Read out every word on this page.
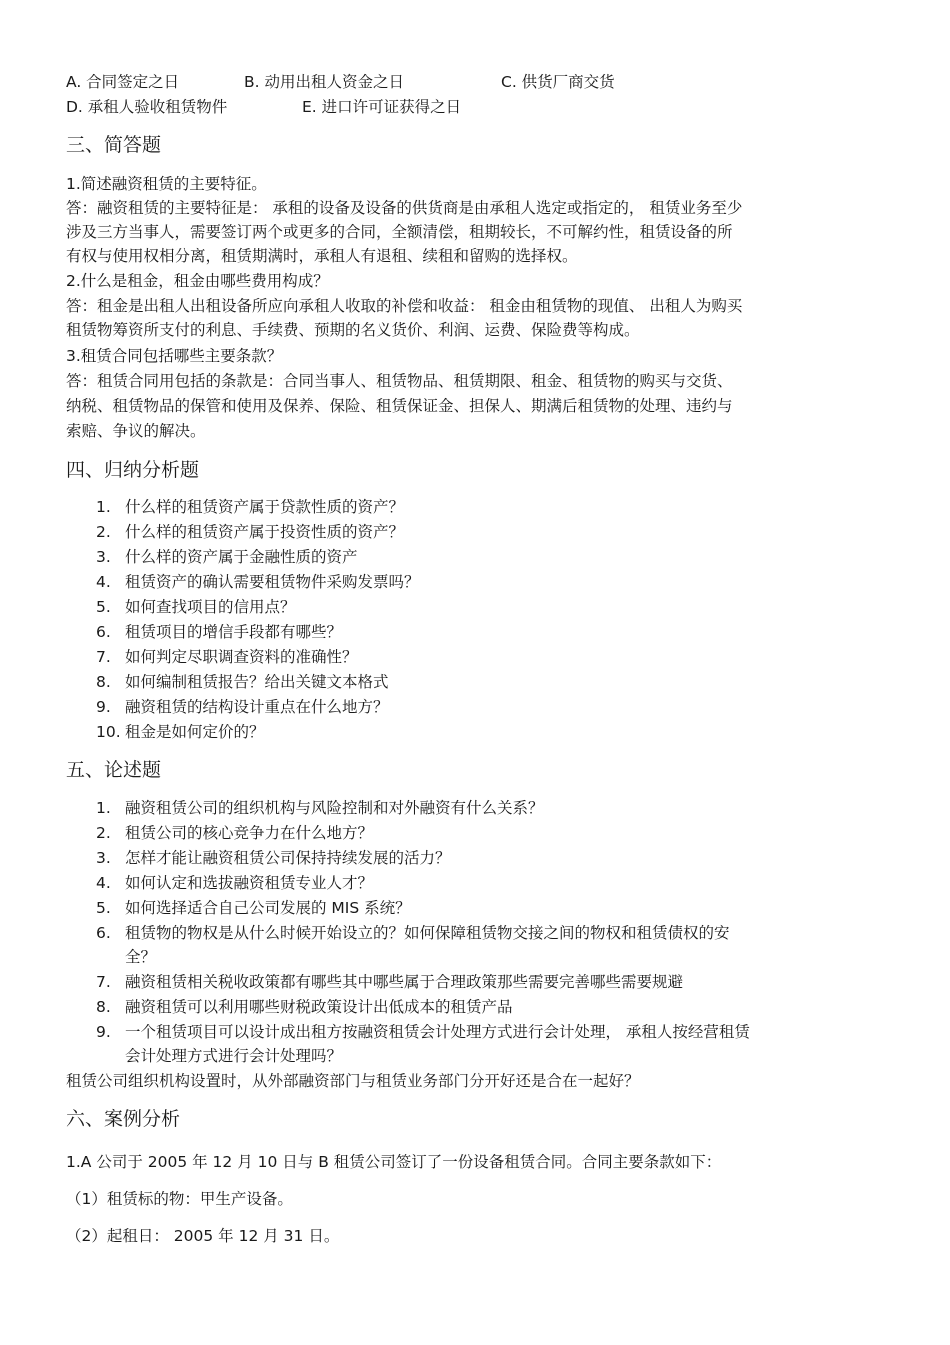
A. 合同签定之日	B. 动用出租人资金之日	C. 供货厂商交货
D. 承租人验收租赁物件	E. 进口许可证获得之日
三、简答题
1.简述融资租赁的主要特征。
答：融资租赁的主要特征是： 承租的设备及设备的供货商是由承租人选定或指定的， 租赁业务至少
涉及三方当事人，需要签订两个或更多的合同，全额清偿，租期较长，不可解约性，租赁设备的所
有权与使用权相分离，租赁期满时，承租人有退租、续租和留购的选择权。
2.什么是租金，租金由哪些费用构成？
答：租金是出租人出租设备所应向承租人收取的补偿和收益： 租金由租赁物的现值、 出租人为购买
租赁物筹资所支付的利息、手续费、预期的名义货价、利润、运费、保险费等构成。
3.租赁合同包括哪些主要条款？
答：租赁合同用包括的条款是：合同当事人、租赁物品、租赁期限、租金、租赁物的购买与交货、
纳税、租赁物品的保管和使用及保养、保险、租赁保证金、担保人、期满后租赁物的处理、违约与
索赔、争议的解决。
四、归纳分析题
1. 什么样的租赁资产属于贷款性质的资产？
2. 什么样的租赁资产属于投资性质的资产？
3. 什么样的资产属于金融性质的资产
4. 租赁资产的确认需要租赁物件采购发票吗？
5. 如何查找项目的信用点？
6. 租赁项目的增信手段都有哪些？
7. 如何判定尽职调查资料的准确性？
8. 如何编制租赁报告？给出关键文本格式
9. 融资租赁的结构设计重点在什么地方？
10. 租金是如何定价的？
五、论述题
1. 融资租赁公司的组织机构与风险控制和对外融资有什么关系？
2. 租赁公司的核心竞争力在什么地方？
3. 怎样才能让融资租赁公司保持持续发展的活力？
4. 如何认定和选拔融资租赁专业人才？
5. 如何选择适合自己公司发展的 MIS 系统？
6. 租赁物的物权是从什么时候开始设立的？如何保障租赁物交接之间的物权和租赁债权的安
全？
7. 融资租赁相关税收政策都有哪些其中哪些属于合理政策那些需要完善哪些需要规避
8. 融资租赁可以利用哪些财税政策设计出低成本的租赁产品
9. 一个租赁项目可以设计成出租方按融资租赁会计处理方式进行会计处理， 承租人按经营租赁
会计处理方式进行会计处理吗？
租赁公司组织机构设置时，从外部融资部门与租赁业务部门分开好还是合在一起好？
六、案例分析
1.A 公司于 2005 年 12 月 10 日与 B 租赁公司签订了一份设备租赁合同。合同主要条款如下：
（1）租赁标的物：甲生产设备。
（2）起租日： 2005 年 12 月 31 日。
